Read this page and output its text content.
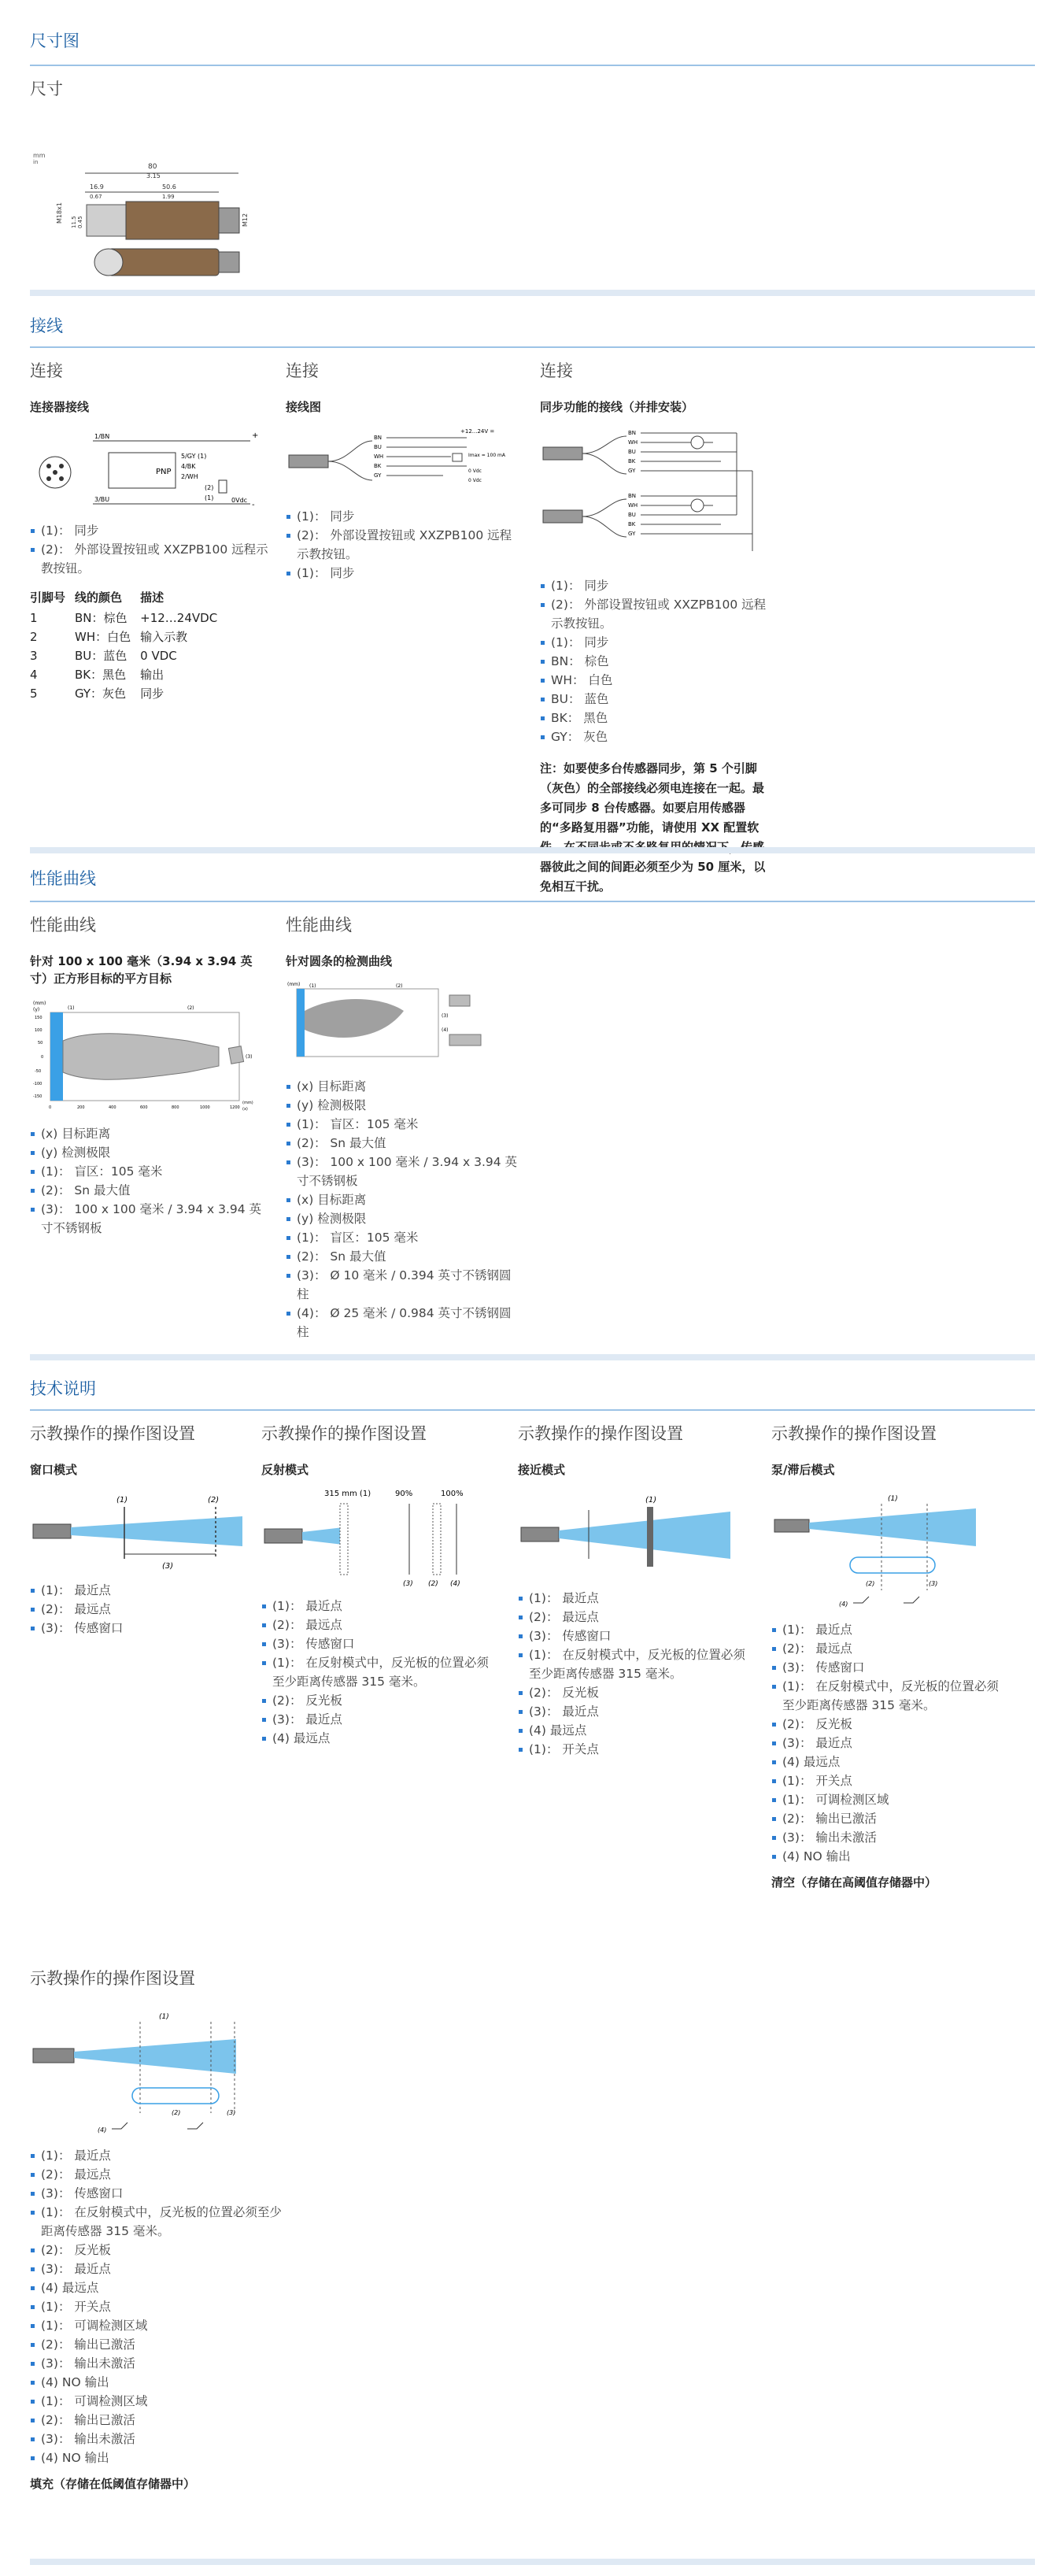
尺寸图
尺寸
mm
in
80
3.15
16.9
0.67
50.6
1.99
M18x1 11.5 0.45	M12
接线
连接
连接器接线
1/BN
3/BU
PNP
5/GY (1)
4/BK
2/WH
+
-
(2)
(1)	0Vdc
(1)： 同步
(2)： 外部设置按钮或 XXZPB100 远程示教按钮。
引脚号	线的颜色	描述
1	BN：棕色	+12…24VDC
2	WH：白色	输入示教
3	BU：蓝色	0 VDC
4	BK：黑色	输出
5	GY：灰色	同步
连接
接线图
BN
BU
WH
BK
GY
+12...24V =
Imax = 100 mA
0 Vdc
0 Vdc
(1)： 同步
(2)： 外部设置按钮或 XXZPB100 远程示教按钮。
(1)： 同步
连接
同步功能的接线（并排安装）
BN
WH
BU
BK
GY
BN
WH
BU
BK
GY
(1)： 同步
(2)： 外部设置按钮或 XXZPB100 远程示教按钮。
(1)： 同步
BN： 棕色
WH： 白色
BU： 蓝色
BK： 黑色
GY： 灰色
注：如要使多台传感器同步，第 5 个引脚（灰色）的全部接线必须电连接在一起。最多可同步 8 台传感器。如要启用传感器的“多路复用器”功能，请使用 XX 配置软 器彼此之间的间距必须至少为 50 厘米，以免相互干扰。
性能曲线
性能曲线
针对 100 x 100 毫米（3.94 x 3.94 英寸）正方形目标的平方目标
(mm)
(y)	(1)	(2)
(3)
150
100
50
0
-50
-100
-150
0	200	400	600	800	1000	1200
(mm)
(x)
(x) 目标距离
(y) 检测极限
(1)： 盲区：105 毫米
(2)： Sn 最大值
(3)： 100 x 100 毫米 / 3.94 x 3.94 英寸不锈钢板
性能曲线
针对圆条的检测曲线
(mm) (1)	(2)
(3)
(4)
(x) 目标距离
(y) 检测极限
(1)： 盲区：105 毫米
(2)： Sn 最大值
(3)： 100 x 100 毫米 / 3.94 x 3.94 英寸不锈钢板
(x) 目标距离
(y) 检测极限
(1)： 盲区：105 毫米
(2)： Sn 最大值
(3)： Ø 10 毫米 / 0.394 英寸不锈钢圆柱
(4)： Ø 25 毫米 / 0.984 英寸不锈钢圆柱
技术说明
示教操作的操作图设置
窗口模式
(1)	(2)
(3)
(1)： 最近点
(2)： 最远点
(3)： 传感窗口
示教操作的操作图设置
反射模式
315 mm (1)	90%	100%
(3) (2) (4)
(1)： 最近点
(2)： 最远点
(3)： 传感窗口
(1)： 在反射模式中，反光板的位置必须至少距离传感器 315 毫米。
(2)： 反光板
(3)： 最近点
(4) 最远点
示教操作的操作图设置
接近模式
(1)
(1)： 最近点
(2)： 最远点
(3)： 传感窗口
(1)： 在反射模式中，反光板的位置必须至少距离传感器 315 毫米。
(2)： 反光板
(3)： 最近点
(4) 最远点
(1)： 开关点
示教操作的操作图设置
泵/滞后模式
(1)
(2)	(3)
(4)
(1)： 最近点
(2)： 最远点
(3)： 传感窗口
(1)： 在反射模式中，反光板的位置必须至少距离传感器 315 毫米。
(2)： 反光板
(3)： 最近点
(4) 最远点
(1)： 开关点
(1)： 可调检测区域
(2)： 输出已激活
(3)： 输出未激活
(4) NO 输出
清空（存储在高阈值存储器中）
示教操作的操作图设置
(1)
(2)	(3)
(4)
(1)： 最近点
(2)： 最远点
(3)： 传感窗口
(1)： 在反射模式中，反光板的位置必须至少距离传感器 315 毫米。
(2)： 反光板
(3)： 最近点
(4) 最远点
(1)： 开关点
(1)： 可调检测区域
(2)： 输出已激活
(3)： 输出未激活
(4) NO 输出
(1)： 可调检测区域
(2)： 输出已激活
(3)： 输出未激活
(4) NO 输出
填充（存储在低阈值存储器中）
